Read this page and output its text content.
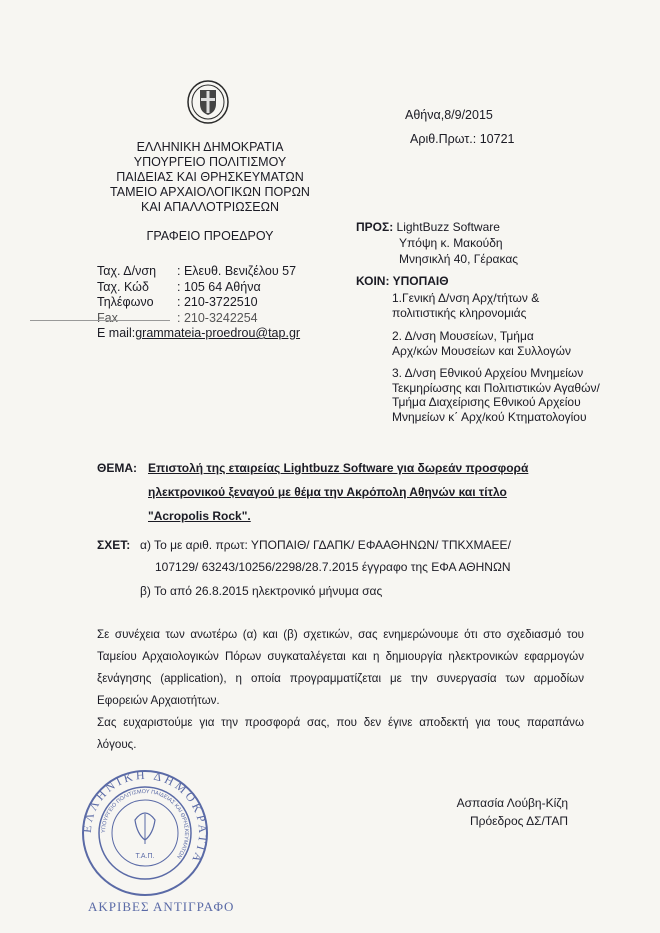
ΕΛΛΗΝΙΚΗ ΔΗΜΟΚΡΑΤΙΑ
ΥΠΟΥΡΓΕΙΟ ΠΟΛΙΤΙΣΜΟΥ
ΠΑΙΔΕΙΑΣ ΚΑΙ ΘΡΗΣΚΕΥΜΑΤΩΝ
ΤΑΜΕΙΟ ΑΡΧΑΙΟΛΟΓΙΚΩΝ ΠΟΡΩΝ
ΚΑΙ ΑΠΑΛΛΟΤΡΙΩΣΕΩΝ
ΓΡΑΦΕΙΟ ΠΡΟΕΔΡΟΥ
Αθήνα,8/9/2015
Αριθ.Πρωτ.: 10721
Ταχ. Δ/νση	: Ελευθ. Βενιζέλου 57
Ταχ. Κώδ	: 105 64 Αθήνα
Τηλέφωνο	: 210-3722510
Fax	: 210-3242254
E mail: grammateia-proedrou@tap.gr
ΠΡΟΣ: LightBuzz Software
Υπόψη κ. Μακούδη
Μνησικλή 40, Γέρακας
ΚΟΙΝ: ΥΠΟΠΑΙΘ
1.Γενική Δ/νση Αρχ/τήτων &
πολιτιστικής κληρονομιάς
2. Δ/νση Μουσείων, Τμήμα
Αρχ/κών Μουσείων και Συλλογών
3. Δ/νση Εθνικού Αρχείου Μνημείων
Τεκμηρίωσης και Πολιτιστικών Αγαθών/
Τμήμα Διαχείρισης Εθνικού Αρχείου
Μνημείων κ΄ Αρχ/κού Κτηματολογίου
ΘΕΜΑ: Επιστολή της εταιρείας Lightbuzz Software για δωρεάν προσφορά
ηλεκτρονικού ξεναγού με θέμα την Ακρόπολη Αθηνών και τίτλο
"Acropolis Rock".
ΣΧΕΤ: α) Το με αριθ. πρωτ: ΥΠΟΠΑΙΘ/ ΓΔΑΠΚ/ ΕΦΑΑΘΗΝΩΝ/ ΤΠΚΧΜΑΕΕ/
107129/ 63243/10256/2298/28.7.2015 έγγραφο της ΕΦΑ ΑΘΗΝΩΝ
β) Το από 26.8.2015 ηλεκτρονικό μήνυμα σας
Σε συνέχεια των ανωτέρω (α) και (β) σχετικών, σας ενημερώνουμε ότι στο σχεδιασμό του Ταμείου Αρχαιολογικών Πόρων συγκαταλέγεται και η δημιουργία ηλεκτρονικών εφαρμογών ξενάγησης (application), η οποία προγραμματίζεται με την συνεργασία των αρμοδίων Εφορειών Αρχαιοτήτων.
Σας ευχαριστούμε για την προσφορά σας, που δεν έγινε αποδεκτή για τους παραπάνω λόγους.
Ασπασία Λούβη-Κίζη
Πρόεδρος ΔΣ/ΤΑΠ
ΕΛΛΗΝΙΚΗ ΔΗΜΟΚΡΑΤΙΑ
ΥΠΟΥΡΓΕΙΟ ΠΟΛΙΤΙΣΜΟΥ ΠΑΙΔΕΙΑΣ ΚΑΙ ΘΡΗΣΚΕΥΜΑΤΩΝ
Τ.Α.Π.
ΑΚΡΙΒΕΣ ΑΝΤΙΓΡΑΦΟ
